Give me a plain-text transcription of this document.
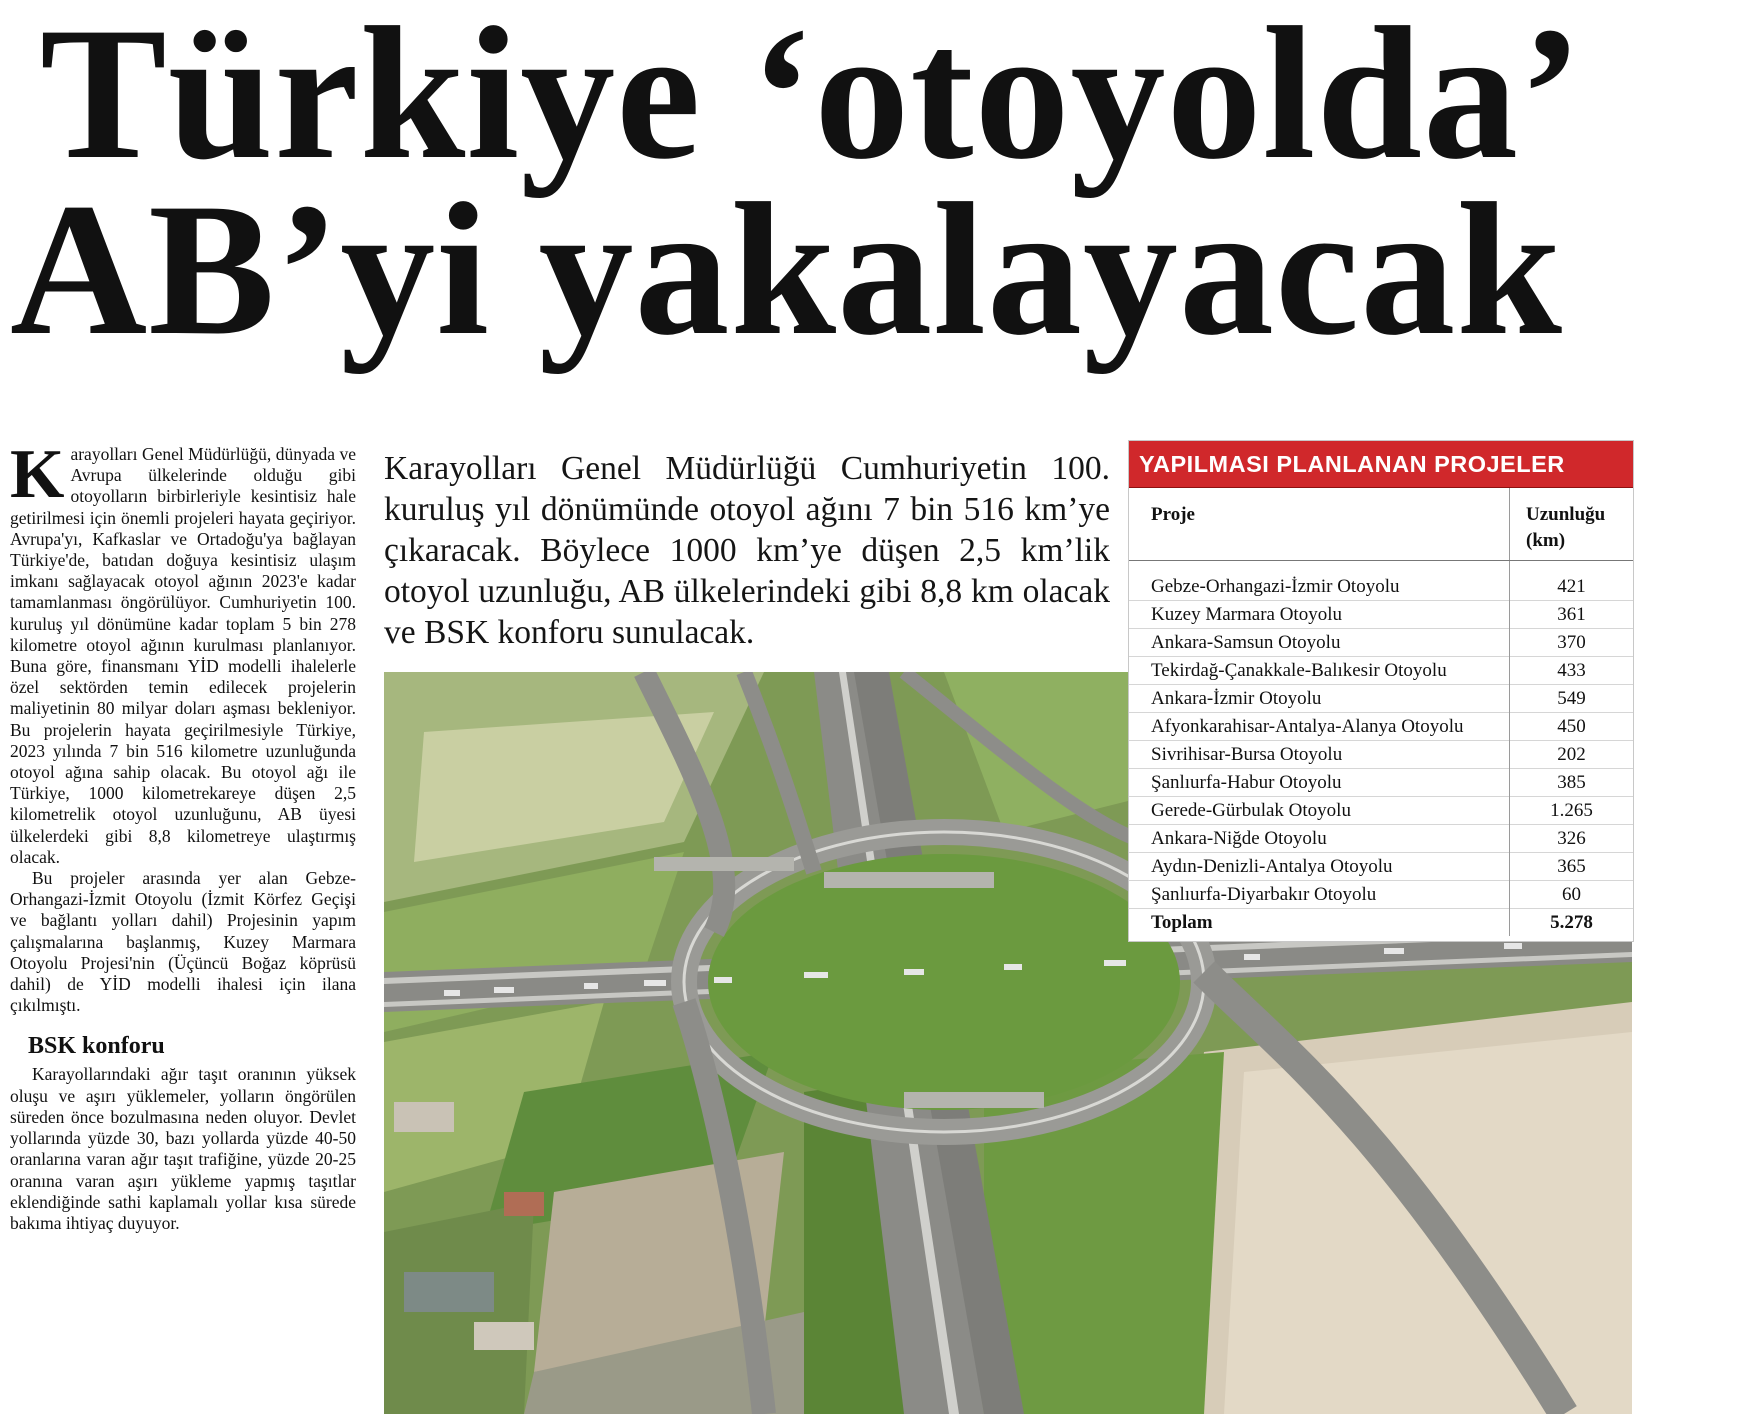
Türkiye ‘otoyolda’
AB’yi yakalayacak

Karayolları Genel Müdürlüğü, dünyada ve Avrupa ülkelerinde olduğu gibi otoyolların birbirleriyle kesintisiz hale getirilmesi için önemli projeleri hayata geçiriyor. Avrupa'yı, Kafkaslar ve Ortadoğu'ya bağlayan Türkiye'de, batıdan doğuya kesintisiz ulaşım imkanı sağlayacak otoyol ağının 2023'e kadar tamamlanması öngörülüyor. Cumhuriyetin 100. kuruluş yıl dönümüne kadar toplam 5 bin 278 kilometre otoyol ağının kurulması planlanıyor. Buna göre, finansmanı YİD modelli ihalelerle özel sektörden temin edilecek projelerin maliyetinin 80 milyar doları aşması bekleniyor. Bu projelerin hayata geçirilmesiyle Türkiye, 2023 yılında 7 bin 516 kilometre uzunluğunda otoyol ağına sahip olacak. Bu otoyol ağı ile Türkiye, 1000 kilometrekareye düşen 2,5 kilometrelik otoyol uzunluğunu, AB üyesi ülkelerdeki gibi 8,8 kilometreye ulaştırmış olacak.

Bu projeler arasında yer alan Gebze-Orhangazi-İzmit Otoyolu (İzmit Körfez Geçişi ve bağlantı yolları dahil) Projesinin yapım çalışmalarına başlanmış, Kuzey Marmara Otoyolu Projesi'nin (Üçüncü Boğaz köprüsü dahil) de YİD modelli ihalesi için ilana çıkılmıştı.

BSK konforu

Karayollarındaki ağır taşıt oranının yüksek oluşu ve aşırı yüklemeler, yolların öngörülen süreden önce bozulmasına neden oluyor. Devlet yollarında yüzde 30, bazı yollarda yüzde 40-50 oranlarına varan ağır taşıt trafiğine, yüzde 20-25 oranına varan aşırı yükleme yapmış taşıtlar eklendiğinde sathi kaplamalı yollar kısa sürede bakıma ihtiyaç duyuyor.

Karayolları Genel Müdürlüğü Cumhuriyetin 100. kuruluş yıl dönümünde otoyol ağını 7 bin 516 km’ye çıkaracak. Böylece 1000 km’ye düşen 2,5 km’lik otoyol uzunluğu, AB ülkelerindeki gibi 8,8 km olacak ve BSK konforu sunulacak.
YAPILMASI PLANLANAN PROJELER
Proje	Uzunluğu (km)
Gebze-Orhangazi-İzmir Otoyolu	421
Kuzey Marmara Otoyolu	361
Ankara-Samsun Otoyolu	370
Tekirdağ-Çanakkale-Balıkesir Otoyolu	433
Ankara-İzmir Otoyolu	549
Afyonkarahisar-Antalya-Alanya Otoyolu	450
Sivrihisar-Bursa Otoyolu	202
Şanlıurfa-Habur Otoyolu	385
Gerede-Gürbulak Otoyolu	1.265
Ankara-Niğde Otoyolu	326
Aydın-Denizli-Antalya Otoyolu	365
Şanlıurfa-Diyarbakır Otoyolu	60
Toplam	5.278
